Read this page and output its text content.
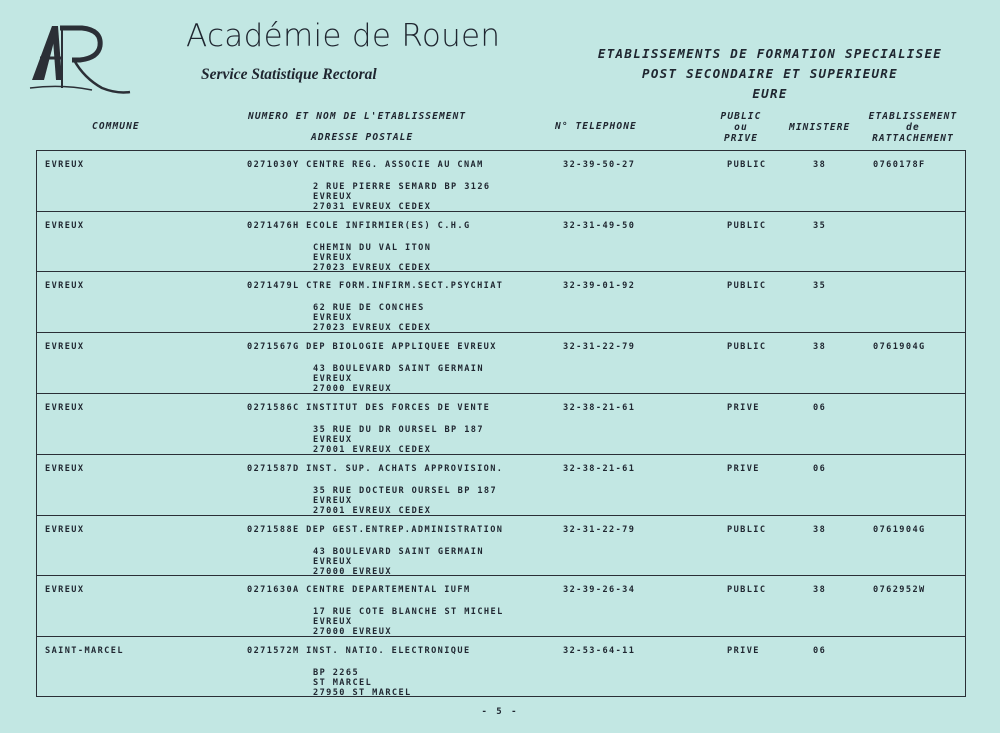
Académie de Rouen
Service Statistique Rectoral
ETABLISSEMENTS DE FORMATION SPECIALISEE
POST SECONDAIRE ET SUPERIEURE
EURE
COMMUNE
NUMERO ET NOM DE L'ETABLISSEMENT
ADRESSE POSTALE
N° TELEPHONE
PUBLIC
ou
PRIVE
MINISTERE
ETABLISSEMENT
de
RATTACHEMENT
EVREUX	0271030Y CENTRE REG. ASSOCIE AU CNAM	32-39-50-27	PUBLIC	38	0760178F
2 RUE PIERRE SEMARD BP 3126
EVREUX
27031 EVREUX CEDEX
EVREUX	0271476H ECOLE INFIRMIER(ES) C.H.G	32-31-49-50	PUBLIC	35
CHEMIN DU VAL ITON
EVREUX
27023 EVREUX CEDEX
EVREUX	0271479L CTRE FORM.INFIRM.SECT.PSYCHIAT	32-39-01-92	PUBLIC	35
62 RUE DE CONCHES
EVREUX
27023 EVREUX CEDEX
EVREUX	0271567G DEP BIOLOGIE APPLIQUEE EVREUX	32-31-22-79	PUBLIC	38	0761904G
43 BOULEVARD SAINT GERMAIN
EVREUX
27000 EVREUX
EVREUX	0271586C INSTITUT DES FORCES DE VENTE	32-38-21-61	PRIVE	06
35 RUE DU DR OURSEL BP 187
EVREUX
27001 EVREUX CEDEX
EVREUX	0271587D INST. SUP. ACHATS APPROVISION.	32-38-21-61	PRIVE	06
35 RUE DOCTEUR OURSEL BP 187
EVREUX
27001 EVREUX CEDEX
EVREUX	0271588E DEP GEST.ENTREP.ADMINISTRATION	32-31-22-79	PUBLIC	38	0761904G
43 BOULEVARD SAINT GERMAIN
EVREUX
27000 EVREUX
EVREUX	0271630A CENTRE DEPARTEMENTAL IUFM	32-39-26-34	PUBLIC	38	0762952W
17 RUE COTE BLANCHE ST MICHEL
EVREUX
27000 EVREUX
SAINT-MARCEL	0271572M INST. NATIO. ELECTRONIQUE	32-53-64-11	PRIVE	06
BP 2265
ST MARCEL
27950 ST MARCEL
- 5 -
